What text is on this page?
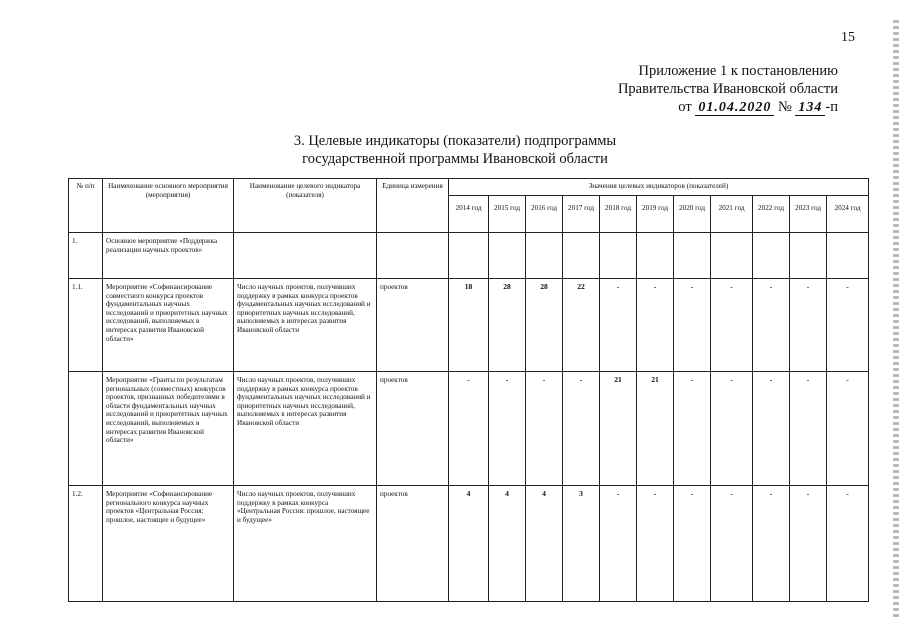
15
Приложение 1 к постановлению
Правительства Ивановской области
от 01.04.2020 № 134 -п
3. Целевые индикаторы (показатели) подпрограммы
государственной программы Ивановской области
№ п/п	Наименование основного мероприятия (мероприятия)	Наименование целевого индикатора (показателя)	Единица измерения	Значения целевых индикаторов (показателей)										
				2014 год	2015 год	2016 год	2017 год	2018 год	2019 год	2020 год	2021 год	2022 год	2023 год	2024 год
1.	Основное мероприятие «Поддержка реализации научных проектов»													
1.1.	Мероприятие «Софинансирование совместного конкурса проектов фундаментальных научных исследований и приоритетных научных исследований, выполняемых в интересах развития Ивановской области»	Число научных проектов, получивших поддержку в рамках конкурса проектов фундаментальных научных исследований и приоритетных научных исследований, выполняемых в интересах развития Ивановской области	проектов	18	28	28	22	-	-	-	-	-	-	-
	Мероприятие «Гранты по результатам региональных (совместных) конкурсов проектов, признанных победителями в области фундаментальных научных исследований и приоритетных научных исследований, выполняемых в интересах развития Ивановской области»	Число научных проектов, получивших поддержку в рамках конкурса проектов фундаментальных научных исследований и приоритетных научных исследований, выполняемых в интересах развития Ивановской области	проектов	-	-	-	-	21	21	-	-	-	-	-
1.2.	Мероприятие «Софинансирование регионального конкурса научных проектов «Центральная Россия: прошлое, настоящее и будущее»	Число научных проектов, получивших поддержку в рамках конкурса «Центральная Россия: прошлое, настоящее и будущее»	проектов	4	4	4	3	-	-	-	-	-	-	-
